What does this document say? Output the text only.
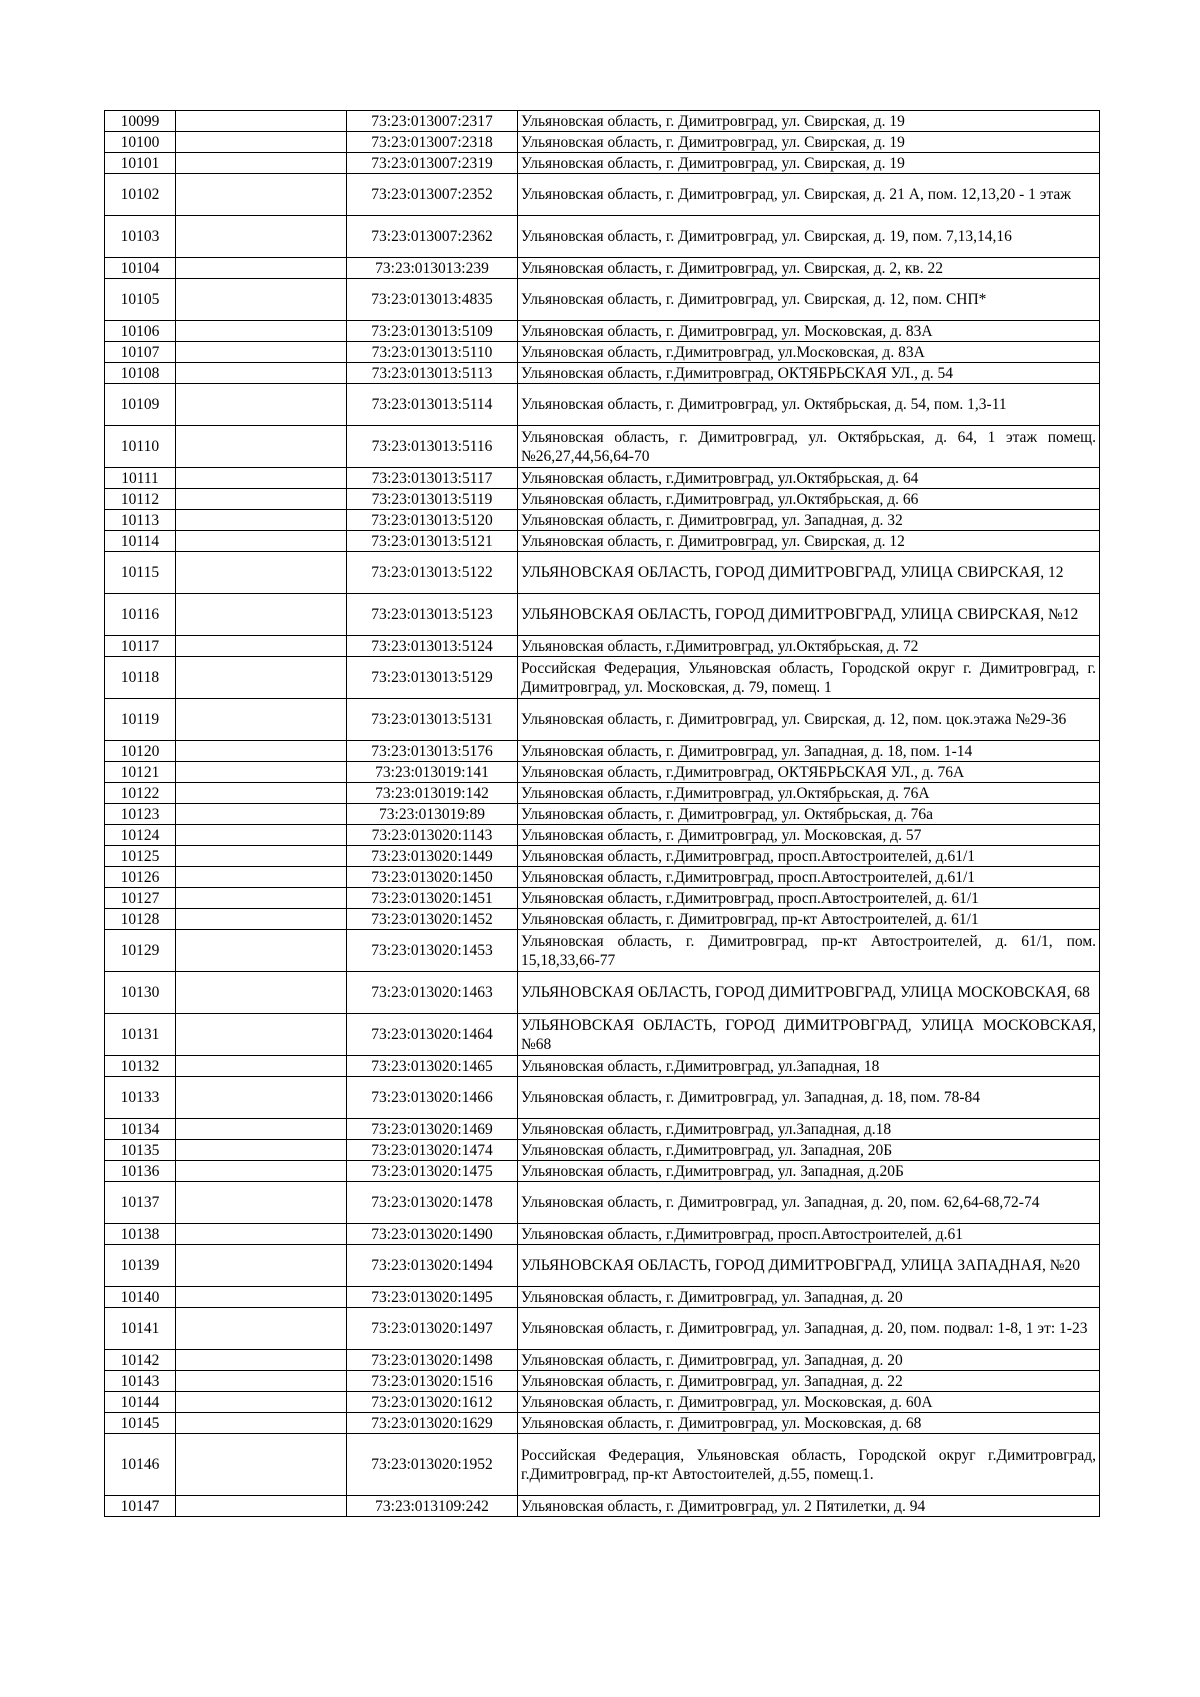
10099		73:23:013007:2317	Ульяновская область, г. Димитровград, ул. Свирская, д. 19
10100		73:23:013007:2318	Ульяновская область, г. Димитровград, ул. Свирская, д. 19
10101		73:23:013007:2319	Ульяновская область, г. Димитровград, ул. Свирская, д. 19
10102		73:23:013007:2352	Ульяновская область, г. Димитровград, ул. Свирская, д. 21 А, пом. 12,13,20 - 1 этаж
10103		73:23:013007:2362	Ульяновская область, г. Димитровград, ул. Свирская, д. 19, пом. 7,13,14,16
10104		73:23:013013:239	Ульяновская область, г. Димитровград, ул. Свирская, д. 2, кв. 22
10105		73:23:013013:4835	Ульяновская область, г. Димитровград, ул. Свирская, д. 12, пом. СНП*
10106		73:23:013013:5109	Ульяновская область, г. Димитровград, ул. Московская, д. 83А
10107		73:23:013013:5110	Ульяновская область, г.Димитровград, ул.Московская, д. 83А
10108		73:23:013013:5113	Ульяновская область, г.Димитровград, ОКТЯБРЬСКАЯ УЛ., д. 54
10109		73:23:013013:5114	Ульяновская область, г. Димитровград, ул. Октябрьская, д. 54, пом. 1,3-11
10110		73:23:013013:5116	Ульяновская область, г. Димитровград, ул. Октябрьская, д. 64, 1 этаж помещ. №26,27,44,56,64-70
10111		73:23:013013:5117	Ульяновская область, г.Димитровград, ул.Октябрьская, д. 64
10112		73:23:013013:5119	Ульяновская область, г.Димитровград, ул.Октябрьская, д. 66
10113		73:23:013013:5120	Ульяновская область, г. Димитровград, ул. Западная, д. 32
10114		73:23:013013:5121	Ульяновская область, г. Димитровград, ул. Свирская, д. 12
10115		73:23:013013:5122	УЛЬЯНОВСКАЯ ОБЛАСТЬ, ГОРОД ДИМИТРОВГРАД, УЛИЦА СВИРСКАЯ, 12
10116		73:23:013013:5123	УЛЬЯНОВСКАЯ ОБЛАСТЬ, ГОРОД ДИМИТРОВГРАД, УЛИЦА СВИРСКАЯ, №12
10117		73:23:013013:5124	Ульяновская область, г.Димитровград, ул.Октябрьская, д. 72
10118		73:23:013013:5129	Российская Федерация, Ульяновская область, Городской округ г. Димитровград, г. Димитровград, ул. Московская, д. 79, помещ. 1
10119		73:23:013013:5131	Ульяновская область, г. Димитровград, ул. Свирская, д. 12, пом. цок.этажа №29-36
10120		73:23:013013:5176	Ульяновская область, г. Димитровград, ул. Западная, д. 18, пом. 1-14
10121		73:23:013019:141	Ульяновская область, г.Димитровград, ОКТЯБРЬСКАЯ УЛ., д. 76А
10122		73:23:013019:142	Ульяновская область, г.Димитровград, ул.Октябрьская, д. 76А
10123		73:23:013019:89	Ульяновская область, г. Димитровград, ул. Октябрьская, д. 76а
10124		73:23:013020:1143	Ульяновская область, г. Димитровград, ул. Московская, д. 57
10125		73:23:013020:1449	Ульяновская область, г.Димитровград, просп.Автостроителей, д.61/1
10126		73:23:013020:1450	Ульяновская область, г.Димитровград, просп.Автостроителей, д.61/1
10127		73:23:013020:1451	Ульяновская область, г.Димитровград, просп.Автостроителей, д. 61/1
10128		73:23:013020:1452	Ульяновская область, г. Димитровград, пр-кт Автостроителей, д. 61/1
10129		73:23:013020:1453	Ульяновская область, г. Димитровград, пр-кт Автостроителей, д. 61/1, пом. 15,18,33,66-77
10130		73:23:013020:1463	УЛЬЯНОВСКАЯ ОБЛАСТЬ, ГОРОД ДИМИТРОВГРАД, УЛИЦА МОСКОВСКАЯ, 68
10131		73:23:013020:1464	УЛЬЯНОВСКАЯ ОБЛАСТЬ, ГОРОД ДИМИТРОВГРАД, УЛИЦА МОСКОВСКАЯ, №68
10132		73:23:013020:1465	Ульяновская область, г.Димитровград, ул.Западная, 18
10133		73:23:013020:1466	Ульяновская область, г. Димитровград, ул. Западная, д. 18, пом. 78-84
10134		73:23:013020:1469	Ульяновская область, г.Димитровград, ул.Западная, д.18
10135		73:23:013020:1474	Ульяновская область, г.Димитровград, ул. Западная, 20Б
10136		73:23:013020:1475	Ульяновская область, г.Димитровград, ул. Западная, д.20Б
10137		73:23:013020:1478	Ульяновская область, г. Димитровград, ул. Западная, д. 20, пом. 62,64-68,72-74
10138		73:23:013020:1490	Ульяновская область, г.Димитровград, просп.Автостроителей, д.61
10139		73:23:013020:1494	УЛЬЯНОВСКАЯ ОБЛАСТЬ, ГОРОД ДИМИТРОВГРАД, УЛИЦА ЗАПАДНАЯ, №20
10140		73:23:013020:1495	Ульяновская область, г. Димитровград, ул. Западная, д. 20
10141		73:23:013020:1497	Ульяновская область, г. Димитровград, ул. Западная, д. 20, пом. подвал: 1-8, 1 эт: 1-23
10142		73:23:013020:1498	Ульяновская область, г. Димитровград, ул. Западная, д. 20
10143		73:23:013020:1516	Ульяновская область, г. Димитровград, ул. Западная, д. 22
10144		73:23:013020:1612	Ульяновская область, г. Димитровград, ул. Московская, д. 60А
10145		73:23:013020:1629	Ульяновская область, г. Димитровград, ул. Московская, д. 68
10146		73:23:013020:1952	Российская Федерация, Ульяновская область, Городской округ г.Димитровград, г.Димитровград, пр-кт Автостоителей, д.55, помещ.1.
10147		73:23:013109:242	Ульяновская область, г. Димитровград, ул. 2 Пятилетки, д. 94
